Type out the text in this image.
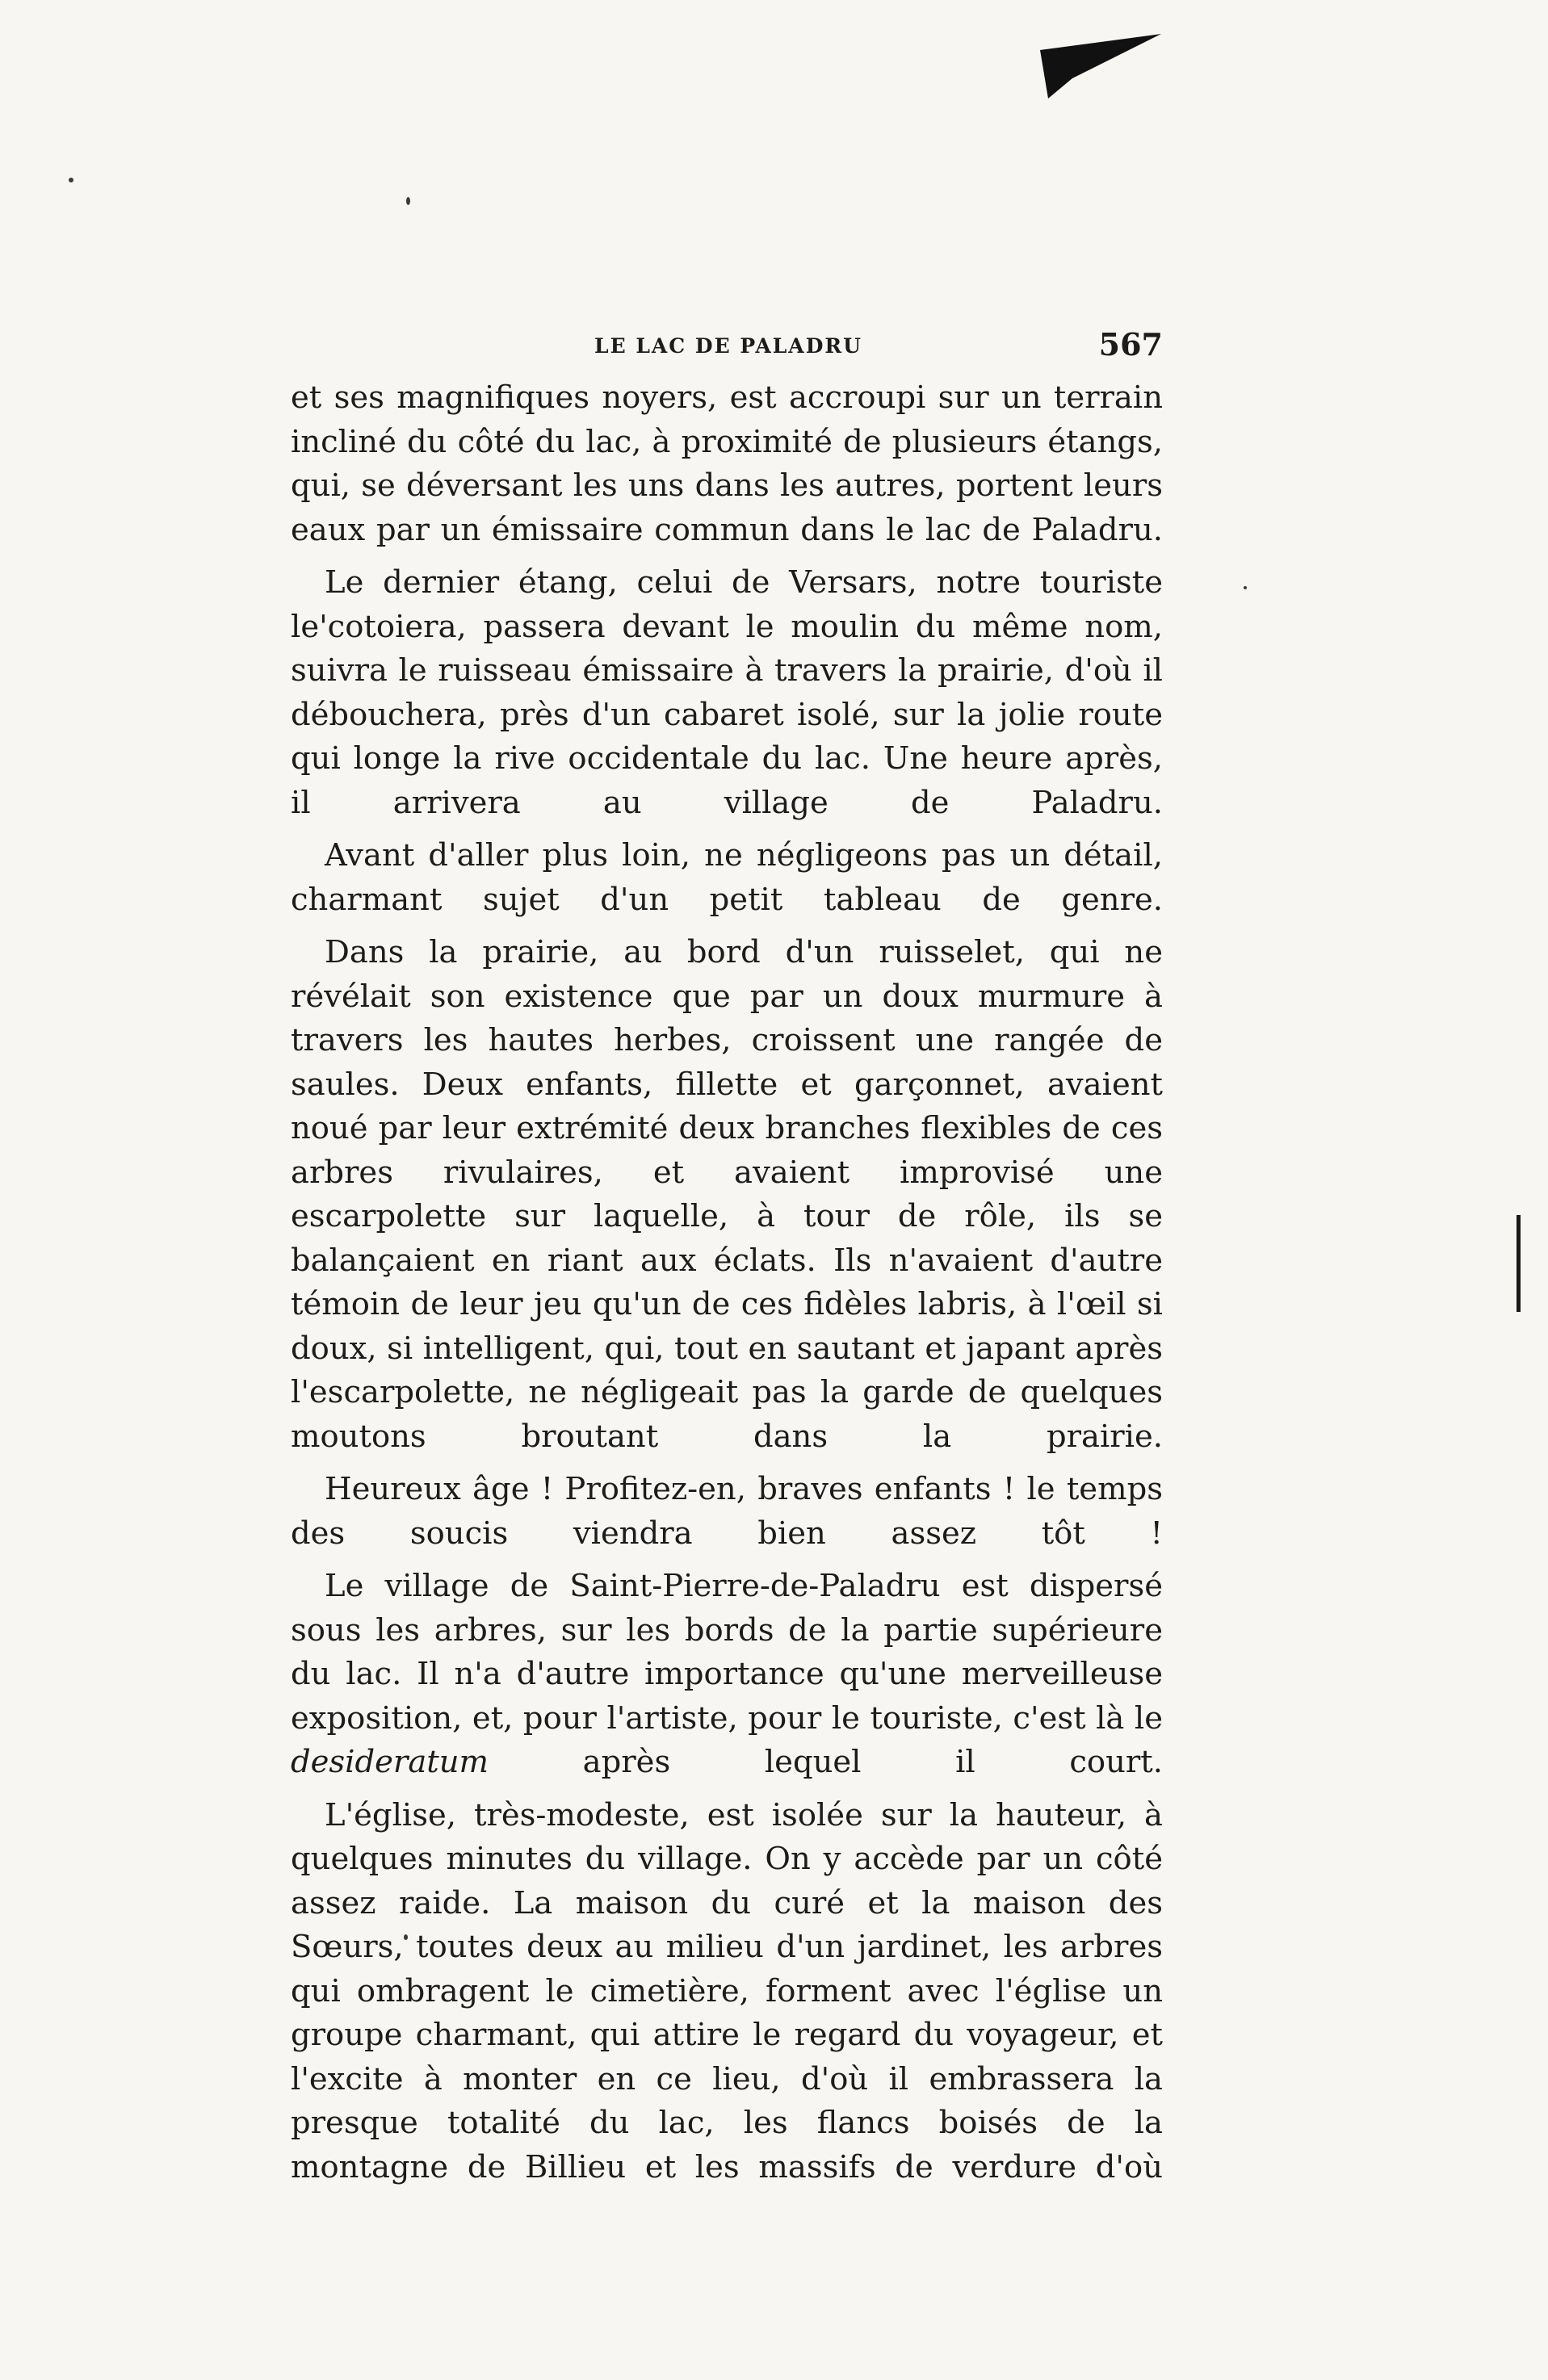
LE LAC DE PALADRU	567

et ses magnifiques noyers, est accroupi sur un terrain incliné du côté du lac, à proximité de plusieurs étangs, qui, se déversant les uns dans les autres, portent leurs eaux par un émissaire commun dans le lac de Paladru.

Le dernier étang, celui de Versars, notre touriste le'cotoiera, passera devant le moulin du même nom, suivra le ruisseau émissaire à travers la prairie, d'où il débouchera, près d'un cabaret isolé, sur la jolie route qui longe la rive occidentale du lac. Une heure après, il arrivera au village de Paladru.

Avant d'aller plus loin, ne négligeons pas un détail, charmant sujet d'un petit tableau de genre.

Dans la prairie, au bord d'un ruisselet, qui ne révélait son existence que par un doux murmure à travers les hautes herbes, croissent une rangée de saules. Deux enfants, fillette et garçonnet, avaient noué par leur extrémité deux branches flexibles de ces arbres rivulaires, et avaient improvisé une escarpolette sur laquelle, à tour de rôle, ils se balançaient en riant aux éclats. Ils n'avaient d'autre témoin de leur jeu qu'un de ces fidèles labris, à l'œil si doux, si intelligent, qui, tout en sautant et japant après l'escarpolette, ne négligeait pas la garde de quelques moutons broutant dans la prairie.

Heureux âge ! Profitez-en, braves enfants ! le temps des soucis viendra bien assez tôt !

Le village de Saint-Pierre-de-Paladru est dispersé sous les arbres, sur les bords de la partie supérieure du lac. Il n'a d'autre importance qu'une merveilleuse exposition, et, pour l'artiste, pour le touriste, c'est là le desideratum après lequel il court.

L'église, très-modeste, est isolée sur la hauteur, à quelques minutes du village. On y accède par un côté assez raide. La maison du curé et la maison des Sœurs, toutes deux au milieu d'un jardinet, les arbres qui ombragent le cimetière, forment avec l'église un groupe charmant, qui attire le regard du voyageur, et l'excite à monter en ce lieu, d'où il embrassera la presque totalité du lac, les flancs boisés de la montagne de Billieu et les massifs de verdure d'où
